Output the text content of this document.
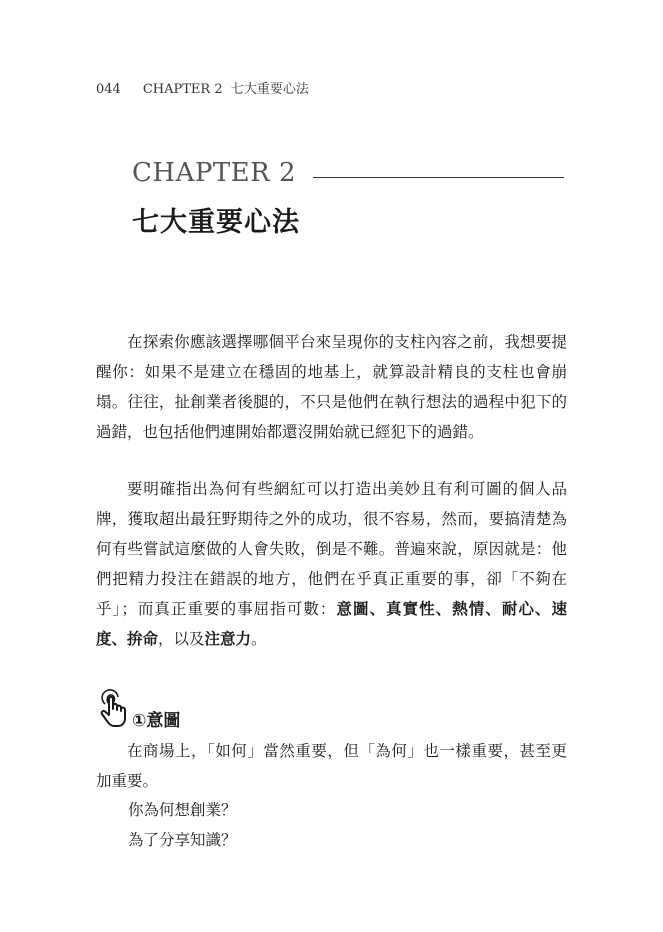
044 CHAPTER 2 七大重要心法
CHAPTER 2
七大重要心法

在探索你應該選擇哪個平台來呈現你的支柱內容之前，我想要提醒你：如果不是建立在穩固的地基上，就算設計精良的支柱也會崩塌。往往，扯創業者後腿的，不只是他們在執行想法的過程中犯下的過錯，也包括他們連開始都還沒開始就已經犯下的過錯。

要明確指出為何有些網紅可以打造出美妙且有利可圖的個人品牌，獲取超出最狂野期待之外的成功，很不容易，然而，要搞清楚為何有些嘗試這麼做的人會失敗，倒是不難。普遍來說，原因就是：他們把精力投注在錯誤的地方，他們在乎真正重要的事，卻「不夠在乎」；而真正重要的事屈指可數：意圖、真實性、熱情、耐心、速度、拚命，以及注意力。

①意圖

在商場上，「如何」當然重要，但「為何」也一樣重要，甚至更加重要。

你為何想創業？
為了分享知識？
